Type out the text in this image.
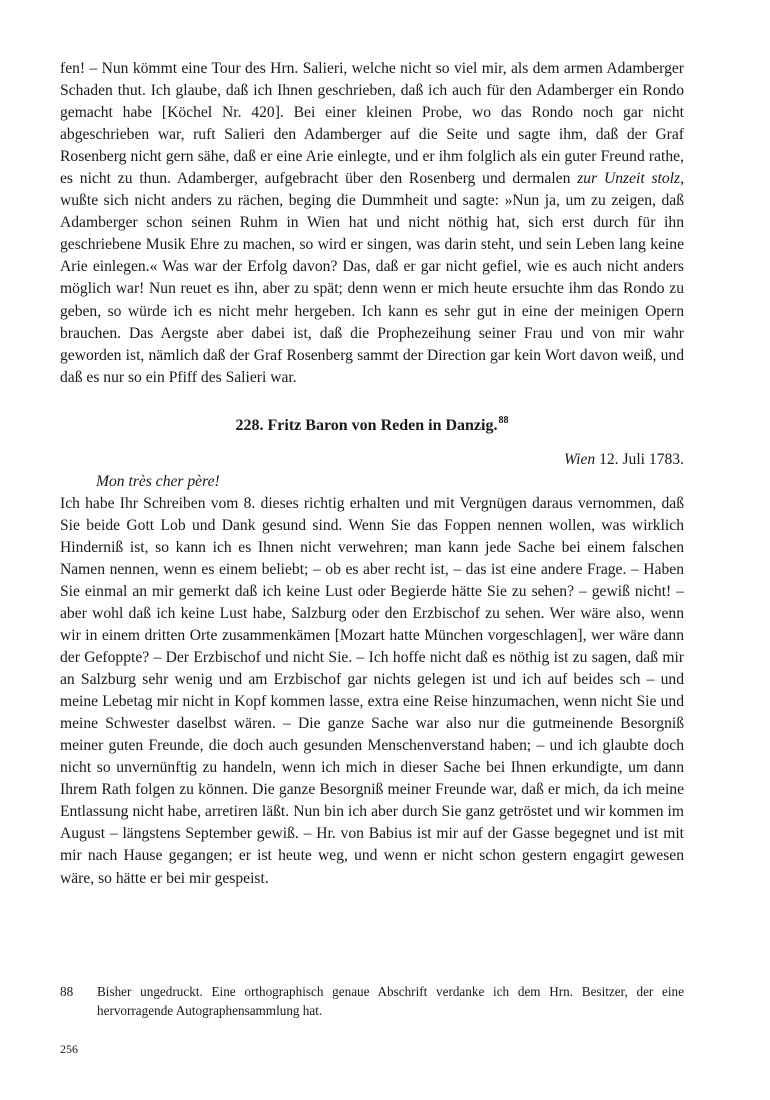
fen! – Nun kömmt eine Tour des Hrn. Salieri, welche nicht so viel mir, als dem armen Adamberger Schaden thut. Ich glaube, daß ich Ihnen geschrieben, daß ich auch für den Adamberger ein Rondo gemacht habe [Köchel Nr. 420]. Bei einer kleinen Probe, wo das Rondo noch gar nicht abgeschrieben war, ruft Salieri den Adamberger auf die Seite und sagte ihm, daß der Graf Rosenberg nicht gern sähe, daß er eine Arie einlegte, und er ihm folglich als ein guter Freund rathe, es nicht zu thun. Adamberger, aufgebracht über den Rosenberg und dermalen zur Unzeit stolz, wußte sich nicht anders zu rächen, beging die Dummheit und sagte: »Nun ja, um zu zeigen, daß Adamberger schon seinen Ruhm in Wien hat und nicht nöthig hat, sich erst durch für ihn geschriebene Musik Ehre zu machen, so wird er singen, was darin steht, und sein Leben lang keine Arie einlegen.« Was war der Erfolg davon? Das, daß er gar nicht gefiel, wie es auch nicht anders möglich war! Nun reuet es ihn, aber zu spät; denn wenn er mich heute ersuchte ihm das Rondo zu geben, so würde ich es nicht mehr hergeben. Ich kann es sehr gut in eine der meinigen Opern brauchen. Das Aergste aber dabei ist, daß die Prophezeihung seiner Frau und von mir wahr geworden ist, nämlich daß der Graf Rosenberg sammt der Direction gar kein Wort davon weiß, und daß es nur so ein Pfiff des Salieri war.

228. Fritz Baron von Reden in Danzig.$^{88}$

Wien 12. Juli 1783.

Mon très cher père!

Ich habe Ihr Schreiben vom 8. dieses richtig erhalten und mit Vergnügen daraus vernommen, daß Sie beide Gott Lob und Dank gesund sind. Wenn Sie das Foppen nennen wollen, was wirklich Hinderniß ist, so kann ich es Ihnen nicht verwehren; man kann jede Sache bei einem falschen Namen nennen, wenn es einem beliebt; – ob es aber recht ist, – das ist eine andere Frage. – Haben Sie einmal an mir gemerkt daß ich keine Lust oder Begierde hätte Sie zu sehen? – gewiß nicht! – aber wohl daß ich keine Lust habe, Salzburg oder den Erzbischof zu sehen. Wer wäre also, wenn wir in einem dritten Orte zusammenkämen [Mozart hatte München vorgeschlagen], wer wäre dann der Gefoppte? – Der Erzbischof und nicht Sie. – Ich hoffe nicht daß es nöthig ist zu sagen, daß mir an Salzburg sehr wenig und am Erzbischof gar nichts gelegen ist und ich auf beides sch – und meine Lebetag mir nicht in Kopf kommen lasse, extra eine Reise hinzumachen, wenn nicht Sie und meine Schwester daselbst wären. – Die ganze Sache war also nur die gutmeinende Besorgniß meiner guten Freunde, die doch auch gesunden Menschenverstand haben; – und ich glaubte doch nicht so unvernünftig zu handeln, wenn ich mich in dieser Sache bei Ihnen erkundigte, um dann Ihrem Rath folgen zu können. Die ganze Besorgniß meiner Freunde war, daß er mich, da ich meine Entlassung nicht habe, arretiren läßt. Nun bin ich aber durch Sie ganz getröstet und wir kommen im August – längstens September gewiß. – Hr. von Babius ist mir auf der Gasse begegnet und ist mit mir nach Hause gegangen; er ist heute weg, und wenn er nicht schon gestern engagirt gewesen wäre, so hätte er bei mir gespeist.

88 Bisher ungedruckt. Eine orthographisch genaue Abschrift verdanke ich dem Hrn. Besitzer, der eine hervorragende Autographensammlung hat.
256
